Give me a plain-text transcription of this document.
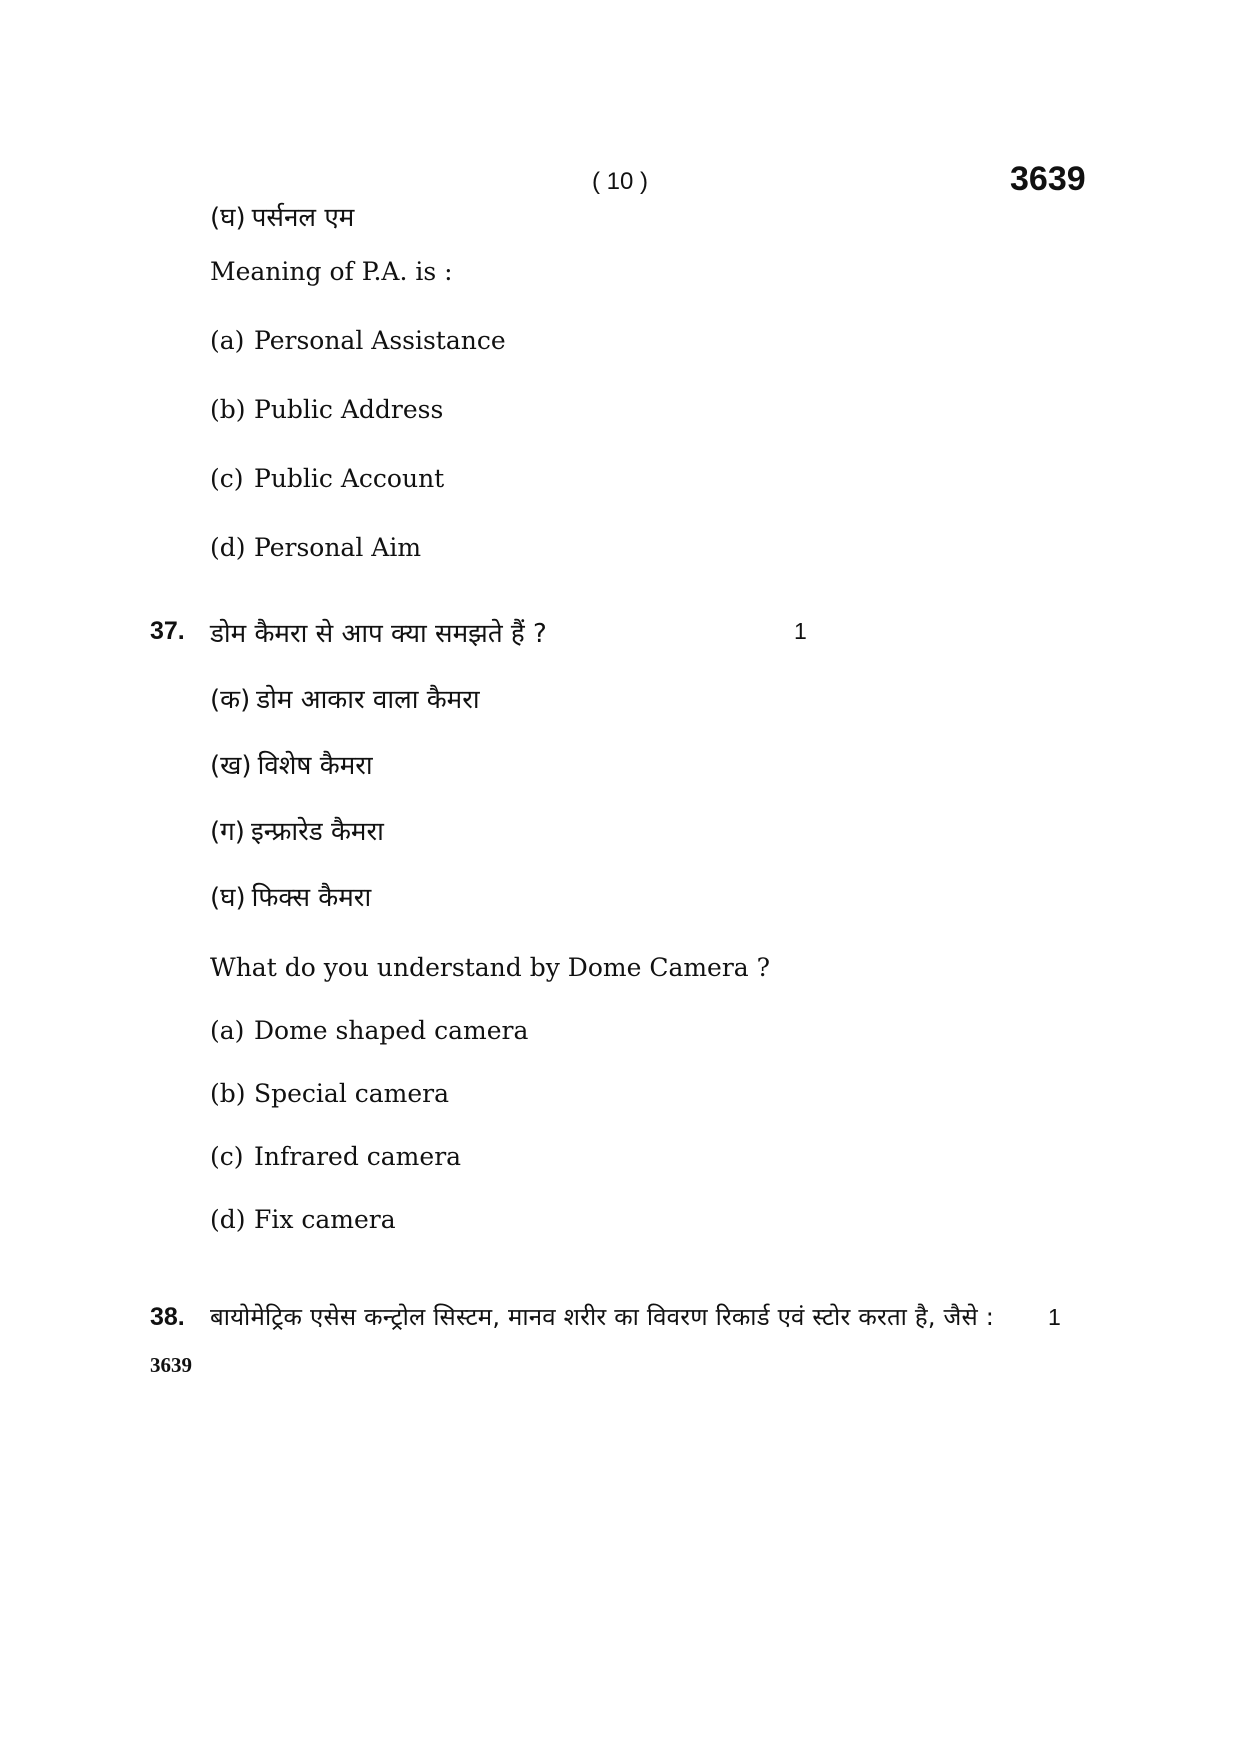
( 10 )	3639
(घ) पर्सनल एम
Meaning of P.A. is :
(a) Personal Assistance
(b) Public Address
(c) Public Account
(d) Personal Aim
37. डोम कैमरा से आप क्या समझते हैं ?	1
(क) डोम आकार वाला कैमरा
(ख) विशेष कैमरा
(ग) इन्फ्रारेड कैमरा
(घ) फिक्स कैमरा
What do you understand by Dome Camera ?
(a) Dome shaped camera
(b) Special camera
(c) Infrared camera
(d) Fix camera
38. बायोमेट्रिक एसेस कन्ट्रोल सिस्टम, मानव शरीर का विवरण रिकार्ड एवं स्टोर करता है, जैसे : 1
3639
